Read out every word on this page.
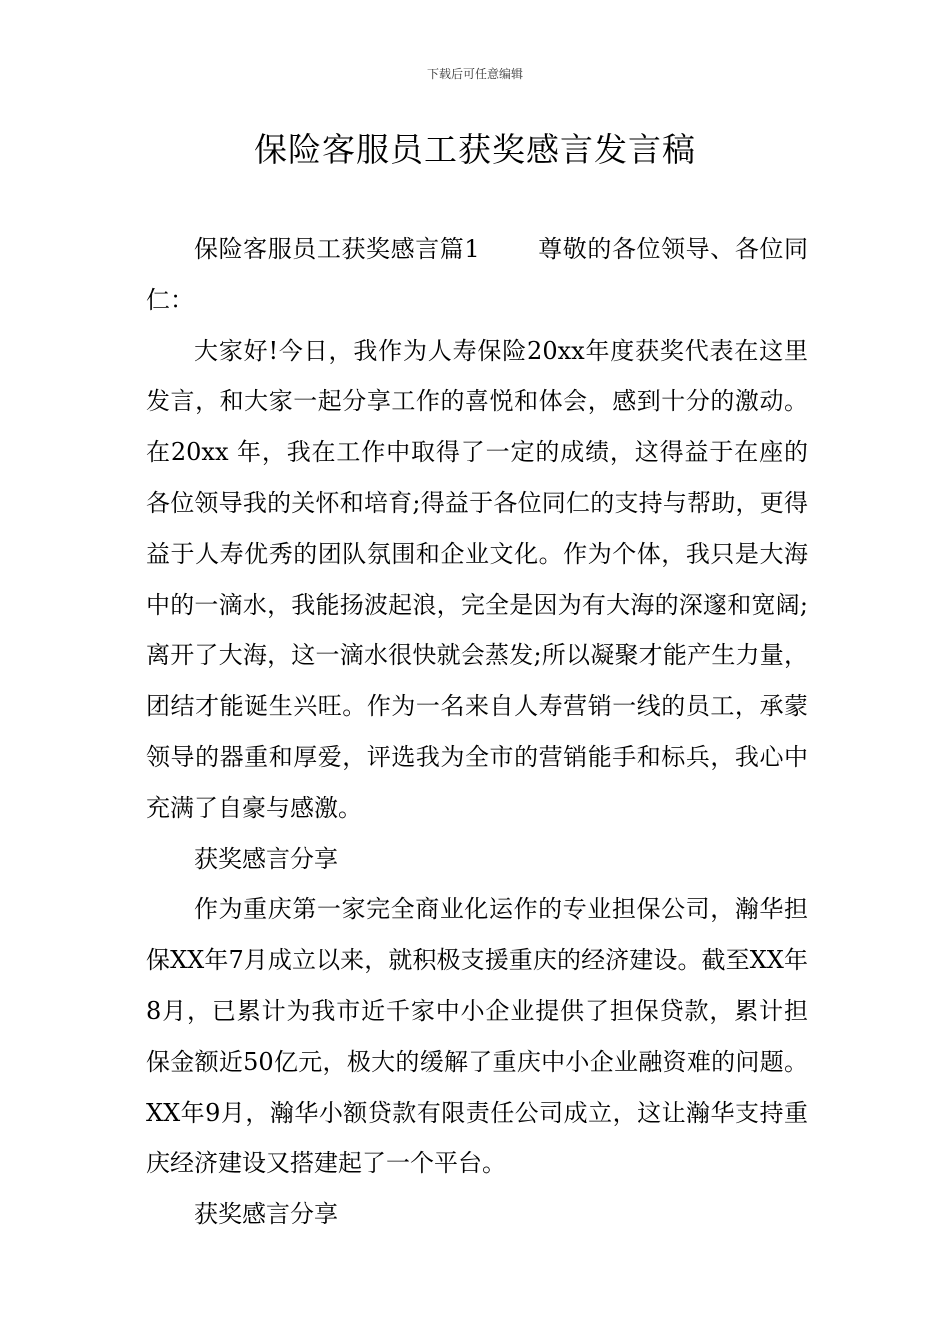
下载后可任意编辑
保险客服员工获奖感言发言稿

保险客服员工获奖感言篇1 尊敬的各位领导、各位同仁：

大家好!今日，我作为人寿保险20xx年度获奖代表在这里发言，和大家一起分享工作的喜悦和体会，感到十分的激动。在20xx 年，我在工作中取得了一定的成绩，这得益于在座的各位领导我的关怀和培育;得益于各位同仁的支持与帮助，更得益于人寿优秀的团队氛围和企业文化。作为个体，我只是大海中的一滴水，我能扬波起浪，完全是因为有大海的深邃和宽阔;离开了大海，这一滴水很快就会蒸发;所以凝聚才能产生力量，团结才能诞生兴旺。作为一名来自人寿营销一线的员工，承蒙领导的器重和厚爱，评选我为全市的营销能手和标兵，我心中充满了自豪与感激。

获奖感言分享

作为重庆第一家完全商业化运作的专业担保公司，瀚华担保XX年7月成立以来，就积极支援重庆的经济建设。截至XX年8月，已累计为我市近千家中小企业提供了担保贷款，累计担保金额近50亿元，极大的缓解了重庆中小企业融资难的问题。XX年9月，瀚华小额贷款有限责任公司成立，这让瀚华支持重庆经济建设又搭建起了一个平台。

获奖感言分享
